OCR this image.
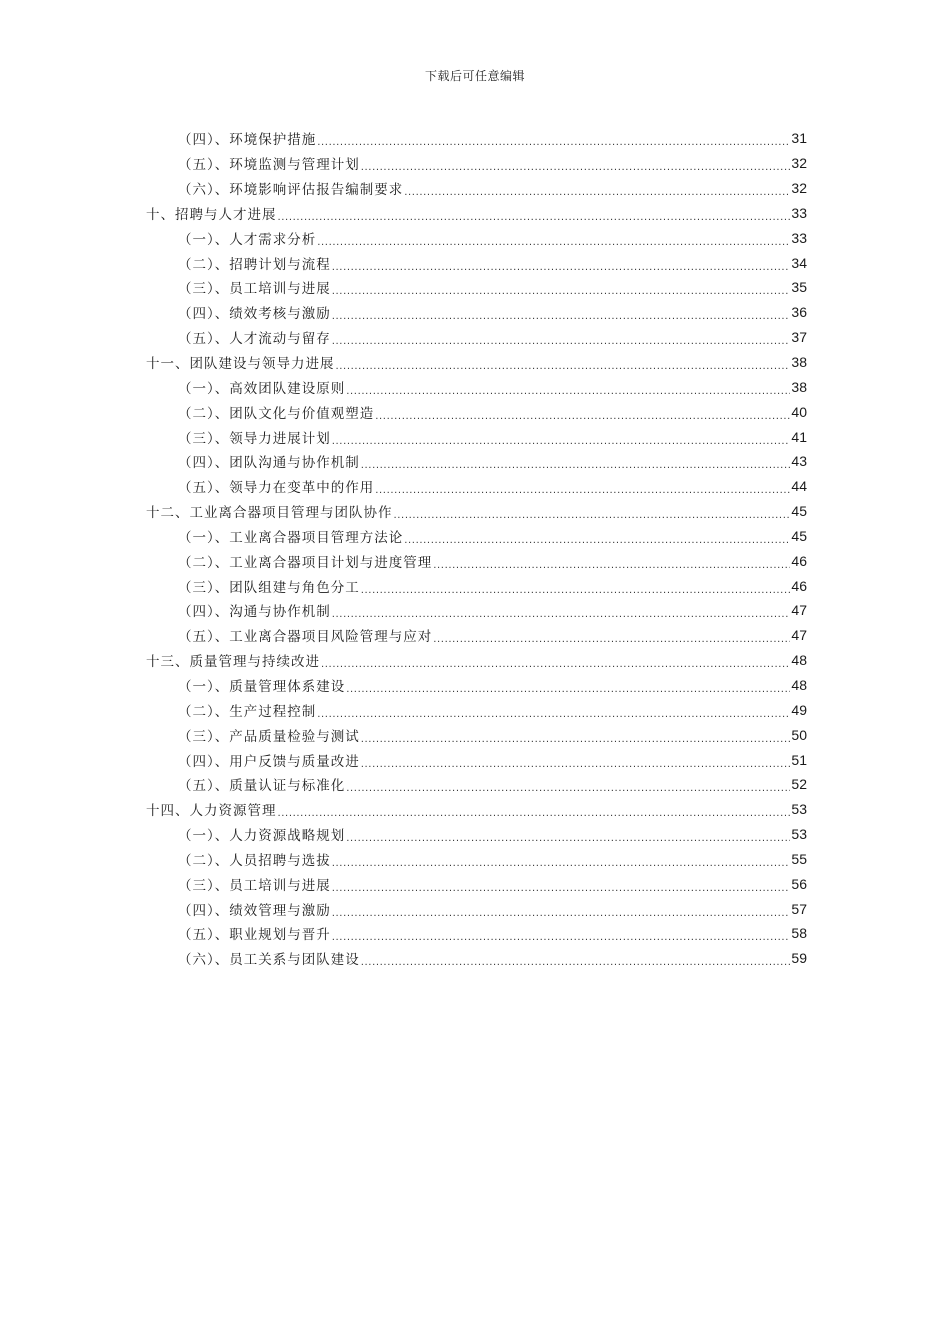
下载后可任意编辑
（四）、环境保护措施 .....	31
（五）、环境监测与管理计划 .....	32
（六）、环境影响评估报告编制要求 .....	32
十、招聘与人才进展 .....	33
（一）、人才需求分析 .....	33
（二）、招聘计划与流程 .....	34
（三）、员工培训与进展 .....	35
（四）、绩效考核与激励 .....	36
（五）、人才流动与留存 .....	37
十一、团队建设与领导力进展 .....	38
（一）、高效团队建设原则 .....	38
（二）、团队文化与价值观塑造 .....	40
（三）、领导力进展计划 .....	41
（四）、团队沟通与协作机制 .....	43
（五）、领导力在变革中的作用 .....	44
十二、工业离合器项目管理与团队协作 .....	45
（一）、工业离合器项目管理方法论 .....	45
（二）、工业离合器项目计划与进度管理 .....	46
（三）、团队组建与角色分工 .....	46
（四）、沟通与协作机制 .....	47
（五）、工业离合器项目风险管理与应对 .....	47
十三、质量管理与持续改进 .....	48
（一）、质量管理体系建设 .....	48
（二）、生产过程控制 .....	49
（三）、产品质量检验与测试 .....	50
（四）、用户反馈与质量改进 .....	51
（五）、质量认证与标准化 .....	52
十四、人力资源管理 .....	53
（一）、人力资源战略规划 .....	53
（二）、人员招聘与选拔 .....	55
（三）、员工培训与进展 .....	56
（四）、绩效管理与激励 .....	57
（五）、职业规划与晋升 .....	58
（六）、员工关系与团队建设 .....	59
